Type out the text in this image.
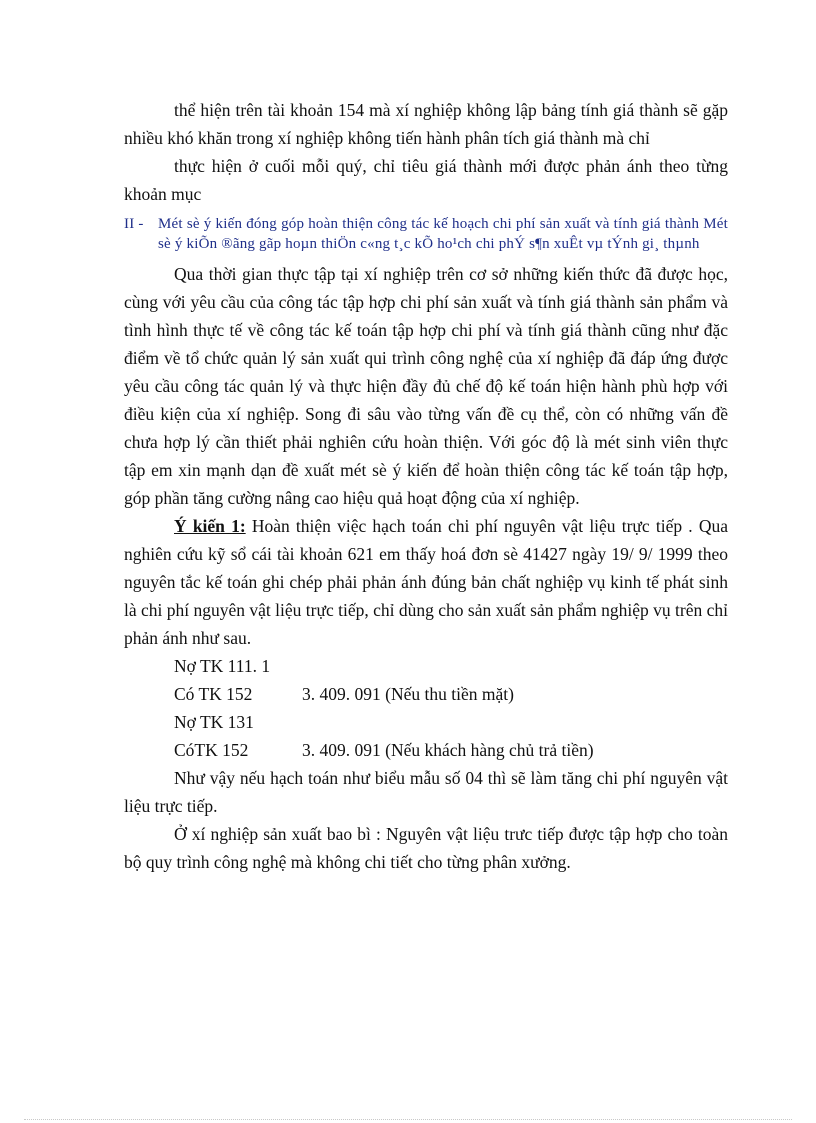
thể hiện trên tài khoản 154 mà xí nghiệp không lập bảng tính giá thành sẽ gặp nhiều khó khăn trong xí nghiệp không tiến hành phân tích giá thành mà chỉ

thực hiện ở cuối mỗi quý, chỉ tiêu giá thành mới được phản ánh theo từng khoản mục

II - Mét sè ý kiến đóng góp hoàn thiện công tác kế hoạch chi phí sản xuất và tính giá thành Mét sè ý kiÕn ®ãng gãp hoµn thiÖn c«ng t¸c kÕ ho¹ch chi phÝ s¶n xuÊt vµ tÝnh gi¸ thµnh

Qua thời gian thực tập tại xí nghiệp trên cơ sở những kiến thức đã được học, cùng với yêu cầu của công tác tập hợp chi phí sản xuất và tính giá thành sản phẩm và tình hình thực tế về công tác kế toán tập hợp chi phí và tính giá thành cũng như đặc điểm về tổ chức quản lý sản xuất qui trình công nghệ của xí nghiệp đã đáp ứng được yêu cầu công tác quản lý và thực hiện đầy đủ chế độ kế toán hiện hành phù hợp với điều kiện của xí nghiệp. Song đi sâu vào từng vấn đề cụ thể, còn có những vấn đề chưa hợp lý cần thiết phải nghiên cứu hoàn thiện. Với góc độ là mét sinh viên thực tập em xin mạnh dạn đề xuất mét sè ý kiến để hoàn thiện công tác kế toán tập hợp, góp phần tăng cường nâng cao hiệu quả hoạt động của xí nghiệp.

Ý kiến 1: Hoàn thiện việc hạch toán chi phí nguyên vật liệu trực tiếp . Qua nghiên cứu kỹ sổ cái tài khoản 621 em thấy hoá đơn sè 41427 ngày 19/ 9/ 1999 theo nguyên tắc kế toán ghi chép phải phản ánh đúng bản chất nghiệp vụ kinh tế phát sinh là chi phí nguyên vật liệu trực tiếp, chỉ dùng cho sản xuất sản phẩm nghiệp vụ trên chỉ phản ánh như sau.

Nợ TK 111. 1
Có TK 152	3. 409. 091 (Nếu thu tiền mặt)
Nợ TK 131
CóTK 152	3. 409. 091 (Nếu khách hàng chủ trả tiền)

Như vậy nếu hạch toán như biểu mẫu số 04 thì sẽ làm tăng chi phí nguyên vật liệu trực tiếp.

Ở xí nghiệp sản xuất bao bì : Nguyên vật liệu trưc tiếp được tập hợp cho toàn bộ quy trình công nghệ mà không chi tiết cho từng phân xưởng.
